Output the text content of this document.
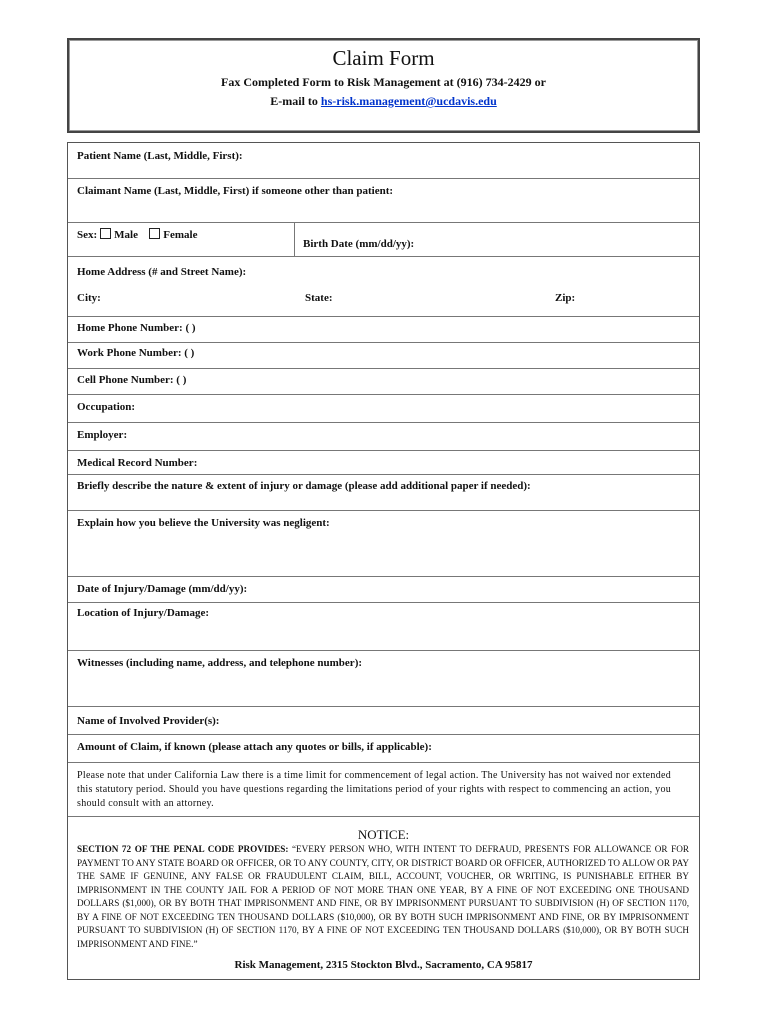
Claim Form
Fax Completed Form to Risk Management at (916) 734-2429 or
E-mail to hs-risk.management@ucdavis.edu
Patient Name (Last, Middle, First):
Claimant Name (Last, Middle, First) if someone other than patient:
Sex: Male Female
Birth Date (mm/dd/yy):
Home Address (# and Street Name):
City:	State:	Zip:
Home Phone Number: ( )
Work Phone Number: ( )
Cell Phone Number: ( )
Occupation:
Employer:
Medical Record Number:
Briefly describe the nature & extent of injury or damage (please add additional paper if needed):
Explain how you believe the University was negligent:
Date of Injury/Damage (mm/dd/yy):
Location of Injury/Damage:
Witnesses (including name, address, and telephone number):
Name of Involved Provider(s):
Amount of Claim, if known (please attach any quotes or bills, if applicable):
Please note that under California Law there is a time limit for commencement of legal action. The University has not waived nor extended this statutory period. Should you have questions regarding the limitations period of your rights with respect to commencing an action, you should consult with an attorney.
NOTICE:
SECTION 72 OF THE PENAL CODE PROVIDES: “EVERY PERSON WHO, WITH INTENT TO DEFRAUD, PRESENTS FOR ALLOWANCE OR FOR PAYMENT TO ANY STATE BOARD OR OFFICER, OR TO ANY COUNTY, CITY, OR DISTRICT BOARD OR OFFICER, AUTHORIZED TO ALLOW OR PAY THE SAME IF GENUINE, ANY FALSE OR FRAUDULENT CLAIM, BILL, ACCOUNT, VOUCHER, OR WRITING, IS PUNISHABLE EITHER BY IMPRISONMENT IN THE COUNTY JAIL FOR A PERIOD OF NOT MORE THAN ONE YEAR, BY A FINE OF NOT EXCEEDING ONE THOUSAND DOLLARS ($1,000), OR BY BOTH THAT IMPRISONMENT AND FINE, OR BY IMPRISONMENT PURSUANT TO SUBDIVISION (H) OF SECTION 1170, BY A FINE OF NOT EXCEEDING TEN THOUSAND DOLLARS ($10,000), OR BY BOTH SUCH IMPRISONMENT AND FINE, OR BY IMPRISONMENT PURSUANT TO SUBDIVISION (H) OF SECTION 1170, BY A FINE OF NOT EXCEEDING TEN THOUSAND DOLLARS ($10,000), OR BY BOTH SUCH IMPRISONMENT AND FINE.”
Risk Management, 2315 Stockton Blvd., Sacramento, CA 95817
